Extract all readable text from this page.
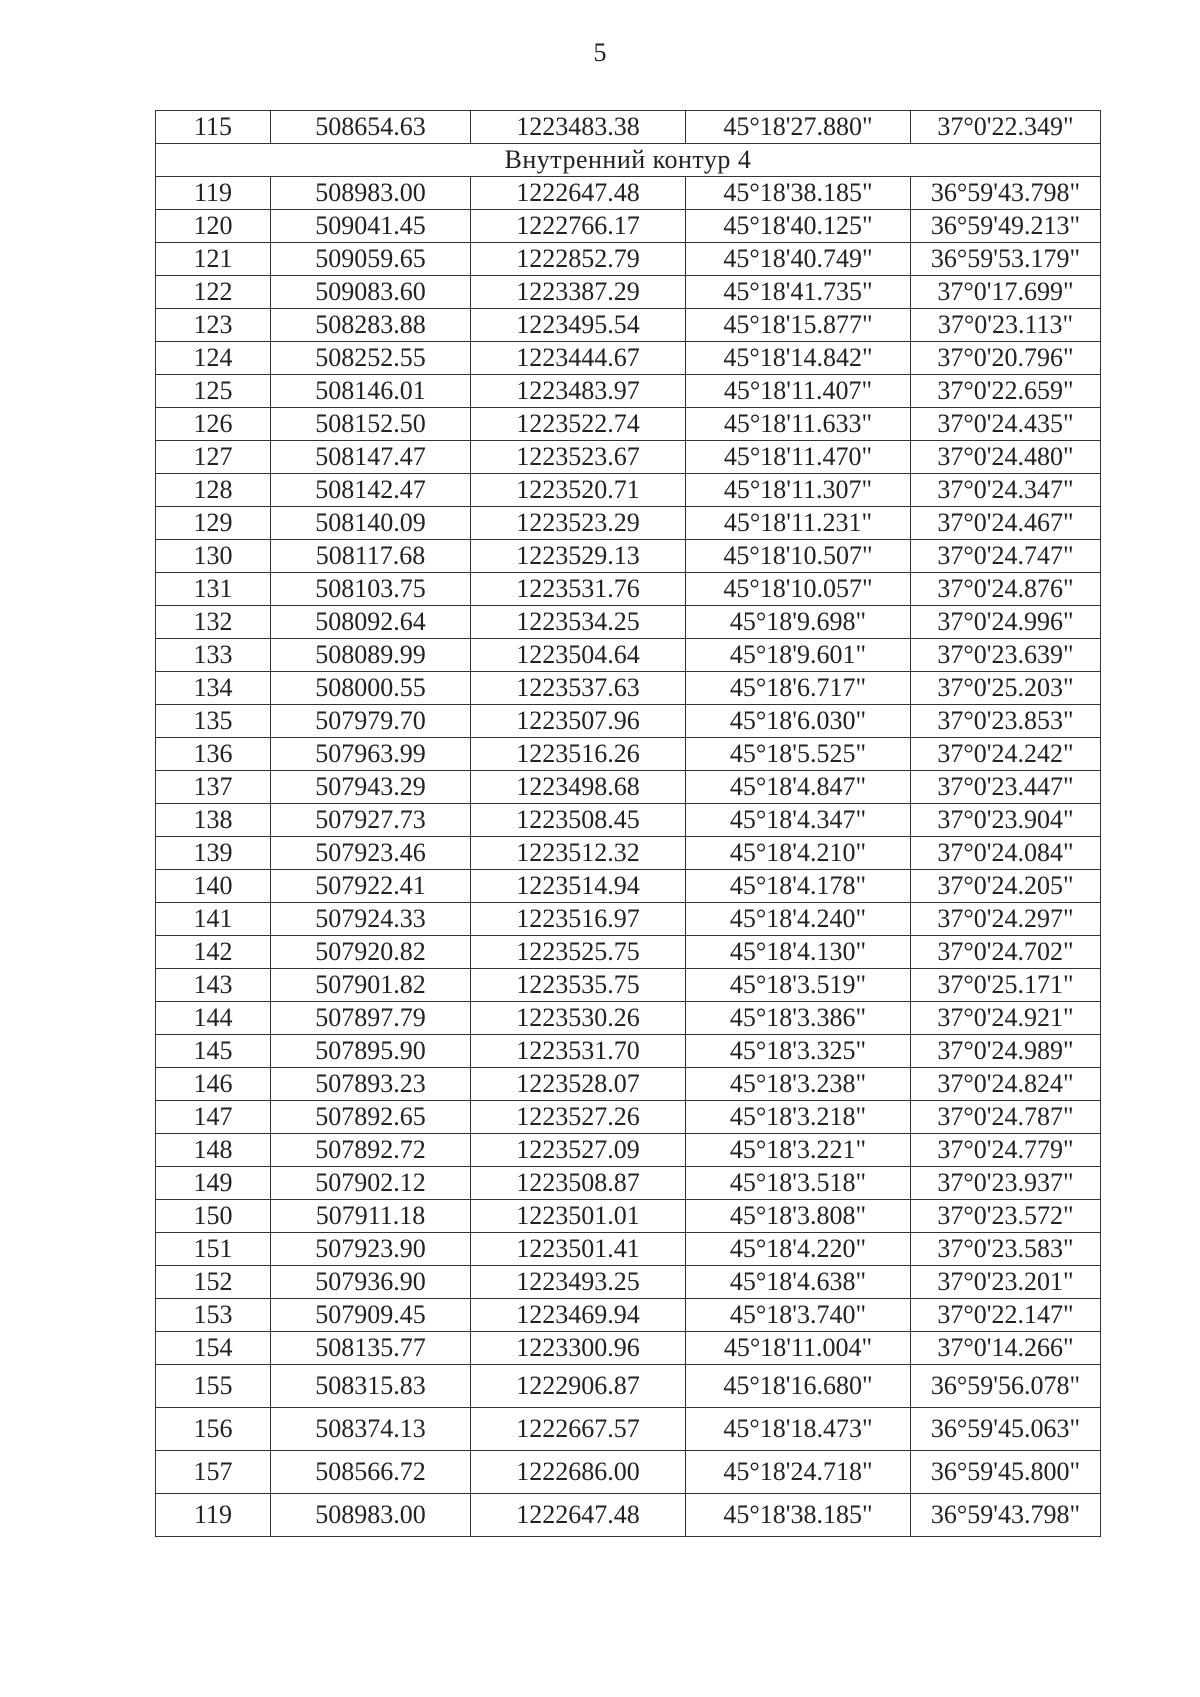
5
115	508654.63	1223483.38	45°18'27.880"	37°0'22.349"
Внутренний контур 4				
119	508983.00	1222647.48	45°18'38.185"	36°59'43.798"
120	509041.45	1222766.17	45°18'40.125"	36°59'49.213"
121	509059.65	1222852.79	45°18'40.749"	36°59'53.179"
122	509083.60	1223387.29	45°18'41.735"	37°0'17.699"
123	508283.88	1223495.54	45°18'15.877"	37°0'23.113"
124	508252.55	1223444.67	45°18'14.842"	37°0'20.796"
125	508146.01	1223483.97	45°18'11.407"	37°0'22.659"
126	508152.50	1223522.74	45°18'11.633"	37°0'24.435"
127	508147.47	1223523.67	45°18'11.470"	37°0'24.480"
128	508142.47	1223520.71	45°18'11.307"	37°0'24.347"
129	508140.09	1223523.29	45°18'11.231"	37°0'24.467"
130	508117.68	1223529.13	45°18'10.507"	37°0'24.747"
131	508103.75	1223531.76	45°18'10.057"	37°0'24.876"
132	508092.64	1223534.25	45°18'9.698"	37°0'24.996"
133	508089.99	1223504.64	45°18'9.601"	37°0'23.639"
134	508000.55	1223537.63	45°18'6.717"	37°0'25.203"
135	507979.70	1223507.96	45°18'6.030"	37°0'23.853"
136	507963.99	1223516.26	45°18'5.525"	37°0'24.242"
137	507943.29	1223498.68	45°18'4.847"	37°0'23.447"
138	507927.73	1223508.45	45°18'4.347"	37°0'23.904"
139	507923.46	1223512.32	45°18'4.210"	37°0'24.084"
140	507922.41	1223514.94	45°18'4.178"	37°0'24.205"
141	507924.33	1223516.97	45°18'4.240"	37°0'24.297"
142	507920.82	1223525.75	45°18'4.130"	37°0'24.702"
143	507901.82	1223535.75	45°18'3.519"	37°0'25.171"
144	507897.79	1223530.26	45°18'3.386"	37°0'24.921"
145	507895.90	1223531.70	45°18'3.325"	37°0'24.989"
146	507893.23	1223528.07	45°18'3.238"	37°0'24.824"
147	507892.65	1223527.26	45°18'3.218"	37°0'24.787"
148	507892.72	1223527.09	45°18'3.221"	37°0'24.779"
149	507902.12	1223508.87	45°18'3.518"	37°0'23.937"
150	507911.18	1223501.01	45°18'3.808"	37°0'23.572"
151	507923.90	1223501.41	45°18'4.220"	37°0'23.583"
152	507936.90	1223493.25	45°18'4.638"	37°0'23.201"
153	507909.45	1223469.94	45°18'3.740"	37°0'22.147"
154	508135.77	1223300.96	45°18'11.004"	37°0'14.266"
155	508315.83	1222906.87	45°18'16.680"	36°59'56.078"
156	508374.13	1222667.57	45°18'18.473"	36°59'45.063"
157	508566.72	1222686.00	45°18'24.718"	36°59'45.800"
119	508983.00	1222647.48	45°18'38.185"	36°59'43.798"
